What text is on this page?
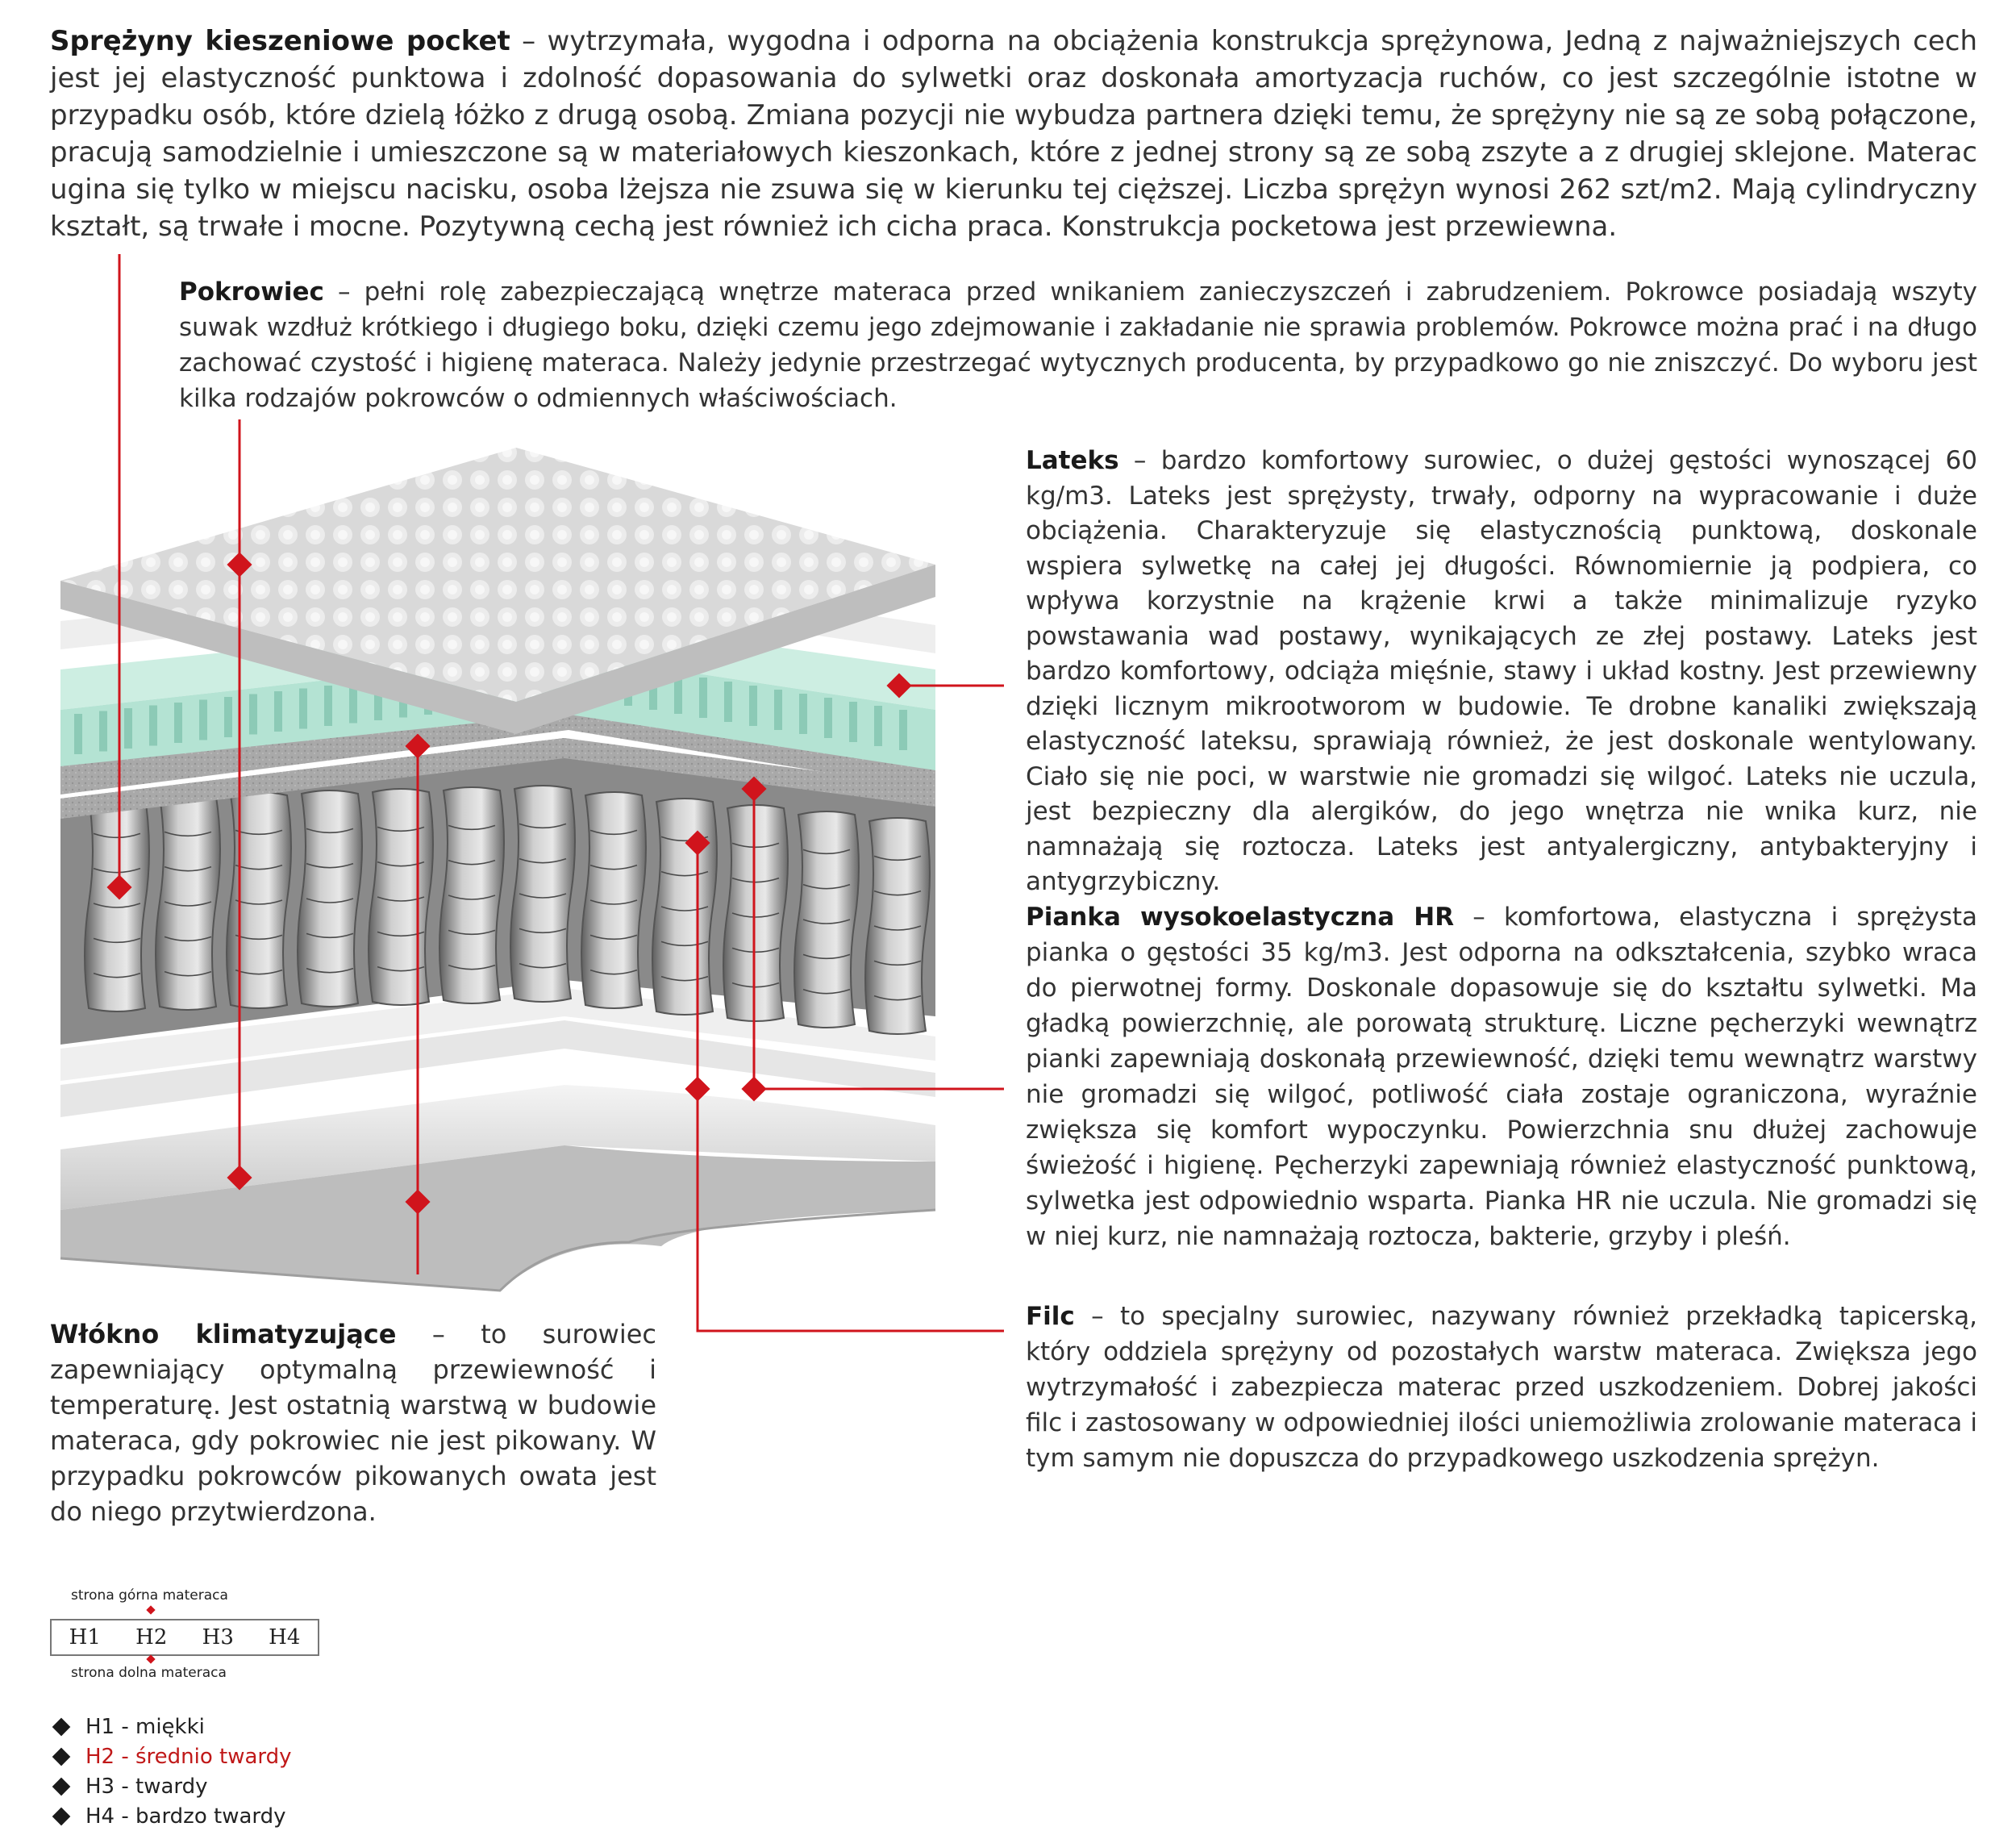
Sprężyny kieszeniowe pocket – wytrzymała, wygodna i odporna na obciążenia konstrukcja sprężynowa, Jedną z najważniejszych cech jest jej elastyczność punktowa i zdolność dopasowania do sylwetki oraz doskonała amortyzacja ruchów, co jest szczególnie istotne w przypadku osób, które dzielą łóżko z drugą osobą. Zmiana pozycji nie wybudza partnera dzięki temu, że sprężyny nie są ze sobą połączone, pracują samodzielnie i umieszczone są w materiałowych kieszonkach, które z jednej strony są ze sobą zszyte a z drugiej sklejone. Materac ugina się tylko w miejscu nacisku, osoba lżejsza nie zsuwa się w kierunku tej cięższej. Liczba sprężyn wynosi 262 szt/m2. Mają cylindryczny kształt, są trwałe i mocne. Pozytywną cechą jest również ich cicha praca. Konstrukcja pocketowa jest przewiewna.

Pokrowiec – pełni rolę zabezpieczającą wnętrze materaca przed wnikaniem zanieczyszczeń i zabrudzeniem. Pokrowce posiadają wszyty suwak wzdłuż krótkiego i długiego boku, dzięki czemu jego zdejmowanie i zakładanie nie sprawia problemów. Pokrowce można prać i na długo zachować czystość i higienę materaca. Należy jedynie przestrzegać wytycznych producenta, by przypadkowo go nie zniszczyć. Do wyboru jest kilka rodzajów pokrowców o odmiennych właściwościach.

Lateks – bardzo komfortowy surowiec, o dużej gęstości wynoszącej 60 kg/m3. Lateks jest sprężysty, trwały, odporny na wypracowanie i duże obciążenia. Charakteryzuje się elastycznością punktową, doskonale wspiera sylwetkę na całej jej długości. Równomiernie ją podpiera, co wpływa korzystnie na krążenie krwi a także minimalizuje ryzyko powstawania wad postawy, wynikających ze złej postawy. Lateks jest bardzo komfortowy, odciąża mięśnie, stawy i układ kostny. Jest przewiewny dzięki licznym mikrootworom w budowie. Te drobne kanaliki zwiększają elastyczność lateksu, sprawiają również, że jest doskonale wentylowany. Ciało się nie poci, w warstwie nie gromadzi się wilgoć. Lateks nie uczula, jest bezpieczny dla alergików, do jego wnętrza nie wnika kurz, nie namnażają się roztocza. Lateks jest antyalergiczny, antybakteryjny i antygrzybiczny.

Pianka wysokoelastyczna HR – komfortowa, elastyczna i sprężysta pianka o gęstości 35 kg/m3. Jest odporna na odkształcenia, szybko wraca do pierwotnej formy. Doskonale dopasowuje się do kształtu sylwetki. Ma gładką powierzchnię, ale porowatą strukturę. Liczne pęcherzyki wewnątrz pianki zapewniają doskonałą przewiewność, dzięki temu wewnątrz warstwy nie gromadzi się wilgoć, potliwość ciała zostaje ograniczona, wyraźnie zwiększa się komfort wypoczynku. Powierzchnia snu dłużej zachowuje świeżość i higienę. Pęcherzyki zapewniają również elastyczność punktową, sylwetka jest odpowiednio wsparta. Pianka HR nie uczula. Nie gromadzi się w niej kurz, nie namnażają roztocza, bakterie, grzyby i pleśń.

Filc – to specjalny surowiec, nazywany również przekładką tapicerską, który oddziela sprężyny od pozostałych warstw materaca. Zwiększa jego wytrzymałość i zabezpiecza materac przed uszkodzeniem. Dobrej jakości filc i zastosowany w odpowiedniej ilości uniemożliwia zrolowanie materaca i tym samym nie dopuszcza do przypadkowego uszkodzenia sprężyn.

Włókno klimatyzujące – to surowiec zapewniający optymalną przewiewność i temperaturę. Jest ostatnią warstwą w budowie materaca, gdy pokrowiec nie jest pikowany. W przypadku pokrowców pikowanych owata jest do niego przytwierdzona.

strona górna materaca
H1	H2	H3	H4
strona dolna materaca
H1 - miękki
H2 - średnio twardy
H3 - twardy
H4 - bardzo twardy
